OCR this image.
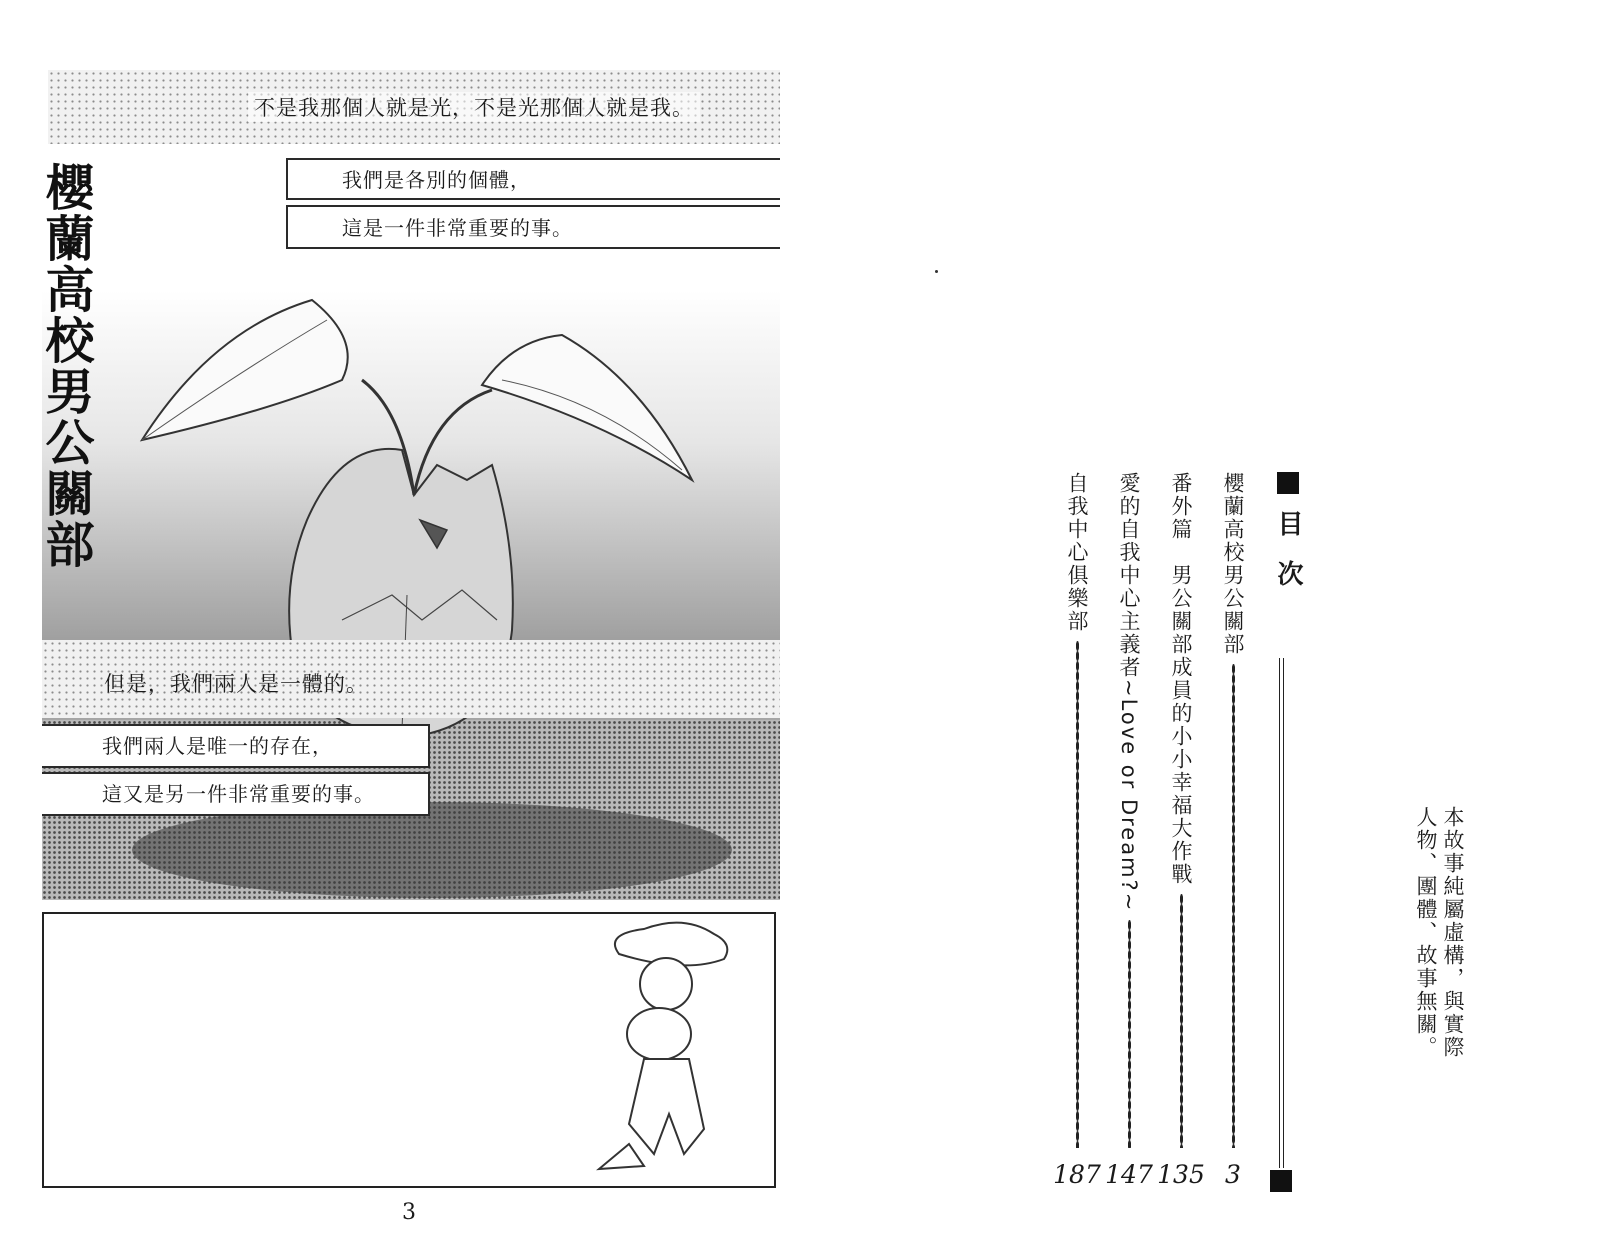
不是我那個人就是光，不是光那個人就是我。
我們是各別的個體，
這是一件非常重要的事。
櫻蘭高校男公關部
但是，我們兩人是一體的。
我們兩人是唯一的存在，
這又是另一件非常重要的事。
3
目次
櫻蘭高校男公關部
3
番外篇　男公關部成員的小小幸福大作戰
135
愛的自我中心主義者~Love or Dream?~
147
自我中心俱樂部
187
本故事純屬虛構，與實際人物、團體、故事無關。
